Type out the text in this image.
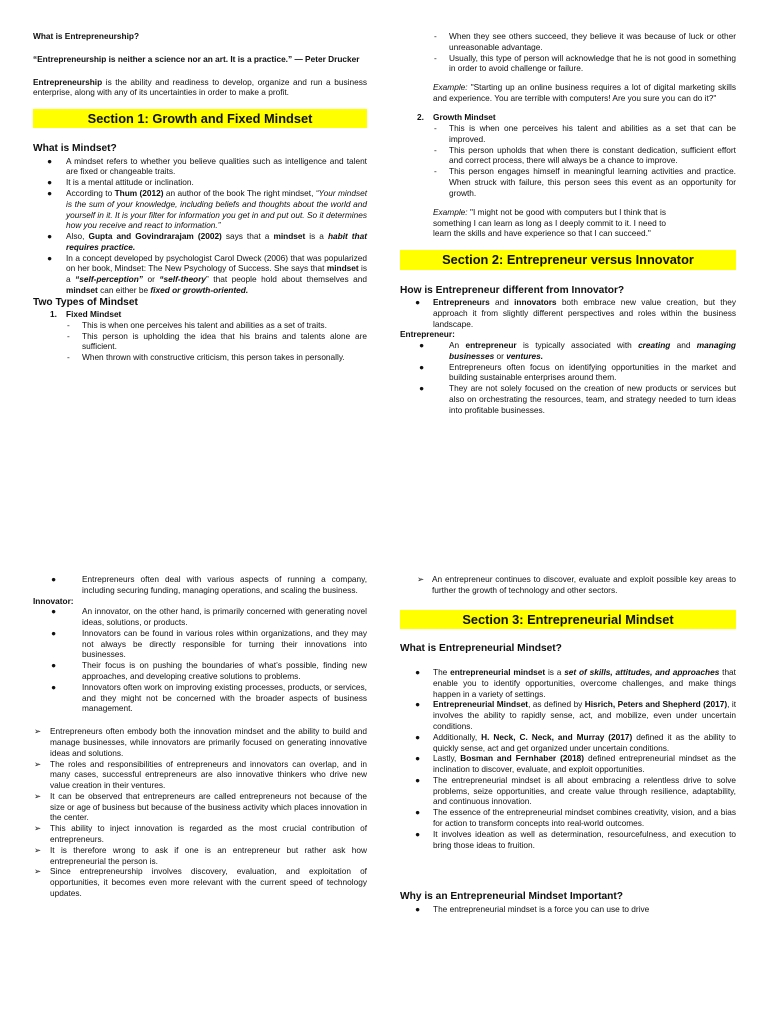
What is Entrepreneurship?

“Entrepreneurship is neither a science nor an art. It is a practice.” — Peter Drucker

Entrepreneurship is the ability and readiness to develop, organize and run a business enterprise, along with any of its uncertainties in order to make a profit.

Section 1: Growth and Fixed Mindset

What is Mindset?

● A mindset refers to whether you believe qualities such as intelligence and talent are fixed or changeable traits.
● It is a mental attitude or inclination.
● According to Thum (2012) an author of the book The right mindset, “Your mindset is the sum of your knowledge, including beliefs and thoughts about the world and yourself in it. It is your filter for information you get in and put out. So it determines how you receive and react to information.”
● Also, Gupta and Govindrarajam (2002) says that a mindset is a habit that requires practice.
● In a concept developed by psychologist Carol Dweck (2006) that was popularized on her book, Mindset: The New Psychology of Success. She says that mindset is a “self-perception” or “self-theory” that people hold about themselves and mindset can either be fixed or growth-oriented.

Two Types of Mindset

1. Fixed Mindset
- This is when one perceives his talent and abilities as a set of traits.
- This person is upholding the idea that his brains and talents alone are sufficient.
- When thrown with constructive criticism, this person takes in personally.
- When they see others succeed, they believe it was because of luck or other unreasonable advantage.
- Usually, this type of person will acknowledge that he is not good in something in order to avoid challenge or failure.

Example: "Starting up an online business requires a lot of digital marketing skills and experience. You are terrible with computers! Are you sure you can do it?"

2. Growth Mindset
- This is when one perceives his talent and abilities as a set that can be improved.
- This person upholds that when there is constant dedication, sufficient effort and correct process, there will always be a chance to improve.
- This person engages himself in meaningful learning activities and practice. When struck with failure, this person sees this event as an opportunity for growth.

Example: "I might not be good with computers but I think that is something I can learn as long as I deeply commit to it. I need to learn the skills and have experience so that I can succeed."

Section 2: Entrepreneur versus Innovator

How is Entrepreneur different from Innovator?

● Entrepreneurs and innovators both embrace new value creation, but they approach it from slightly different perspectives and roles within the business landscape.

Entrepreneur:

●	An entrepreneur is typically associated with creating and managing businesses or ventures.
●	Entrepreneurs often focus on identifying opportunities in the market and building sustainable enterprises around them.
●	They are not solely focused on the creation of new products or services but also on orchestrating the resources, team, and strategy needed to turn ideas into profitable businesses.
●	Entrepreneurs often deal with various aspects of running a company, including securing funding, managing operations, and scaling the business.

Innovator:

●	An innovator, on the other hand, is primarily concerned with generating novel ideas, solutions, or products.
●	Innovators can be found in various roles within organizations, and they may not always be directly responsible for turning their innovations into businesses.
●	Their focus is on pushing the boundaries of what’s possible, finding new approaches, and developing creative solutions to problems.
●	Innovators often work on improving existing processes, products, or services, and they might not be concerned with the broader aspects of business management.
➢ Entrepreneurs often embody both the innovation mindset and the ability to build and manage businesses, while innovators are primarily focused on generating innovative ideas and solutions.
➢ The roles and responsibilities of entrepreneurs and innovators can overlap, and in many cases, successful entrepreneurs are also innovative thinkers who drive new value creation in their ventures.
➢ It can be observed that entrepreneurs are called entrepreneurs not because of the size or age of business but because of the business activity which places innovation in the center.
➢ This ability to inject innovation is regarded as the most crucial contribution of entrepreneurs.
➢ It is therefore wrong to ask if one is an entrepreneur but rather ask how entrepreneurial the person is.
➢ Since entrepreneurship involves discovery, evaluation, and exploitation of opportunities, it becomes even more relevant with the current speed of technology updates.
➢ An entrepreneur continues to discover, evaluate and exploit possible key areas to further the growth of technology and other sectors.
Section 3: Entrepreneurial Mindset

What is Entrepreneurial Mindset?

● The entrepreneurial mindset is a set of skills, attitudes, and approaches that enable you to identify opportunities, overcome challenges, and make things happen in a variety of settings.
● Entrepreneurial Mindset, as defined by Hisrich, Peters and Shepherd (2017), it involves the ability to rapidly sense, act, and mobilize, even under uncertain conditions.
● Additionally, H. Neck, C. Neck, and Murray (2017) defined it as the ability to quickly sense, act and get organized under uncertain conditions.
● Lastly, Bosman and Fernhaber (2018) defined entrepreneurial mindset as the inclination to discover, evaluate, and exploit opportunities.
● The entrepreneurial mindset is all about embracing a relentless drive to solve problems, seize opportunities, and create value through resilience, adaptability, and continuous innovation.
● The essence of the entrepreneurial mindset combines creativity, vision, and a bias for action to transform concepts into real-world outcomes.
● It involves ideation as well as determination, resourcefulness, and execution to bring those ideas to fruition.

Why is an Entrepreneurial Mindset Important?

● The entrepreneurial mindset is a force you can use to drive
